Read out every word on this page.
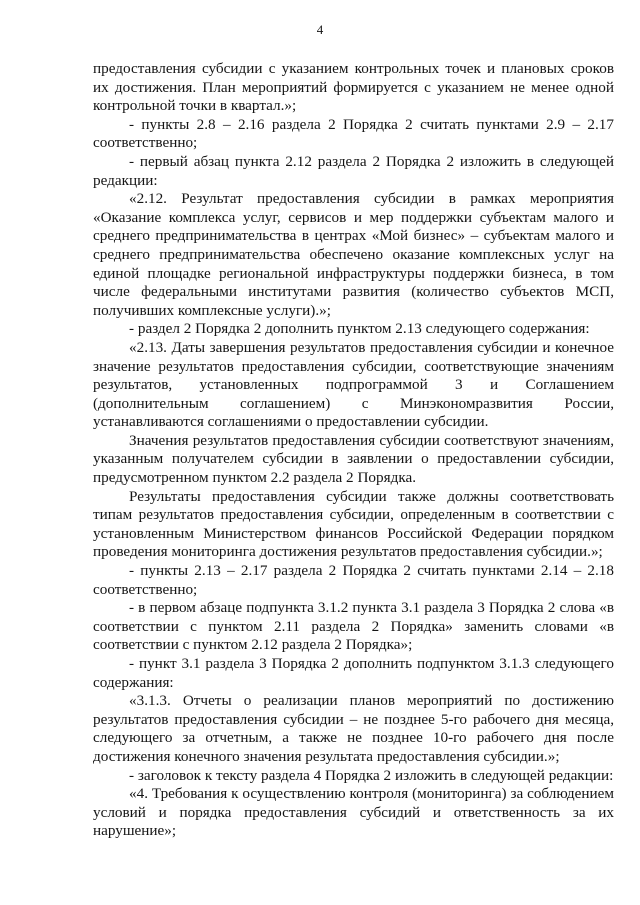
4

предоставления субсидии с указанием контрольных точек и плановых сроков их достижения. План мероприятий формируется с указанием не менее одной контрольной точки в квартал.»;

- пункты 2.8 – 2.16 раздела 2 Порядка 2 считать пунктами 2.9 – 2.17 соответственно;

- первый абзац пункта 2.12 раздела 2 Порядка 2 изложить в следующей редакции:

«2.12. Результат предоставления субсидии в рамках мероприятия «Оказание комплекса услуг, сервисов и мер поддержки субъектам малого и среднего предпринимательства в центрах «Мой бизнес» – субъектам малого и среднего предпринимательства обеспечено оказание комплексных услуг на единой площадке региональной инфраструктуры поддержки бизнеса, в том числе федеральными институтами развития (количество субъектов МСП, получивших комплексные услуги).»;

- раздел 2 Порядка 2 дополнить пунктом 2.13 следующего содержания:

«2.13. Даты завершения результатов предоставления субсидии и конечное значение результатов предоставления субсидии, соответствующие значениям результатов, установленных подпрограммой 3 и Соглашением (дополнительным соглашением) с Минэкономразвития России, устанавливаются соглашениями о предоставлении субсидии.

Значения результатов предоставления субсидии соответствуют значениям, указанным получателем субсидии в заявлении о предоставлении субсидии, предусмотренном пунктом 2.2 раздела 2 Порядка.

Результаты предоставления субсидии также должны соответствовать типам результатов предоставления субсидии, определенным в соответствии с установленным Министерством финансов Российской Федерации порядком проведения мониторинга достижения результатов предоставления субсидии.»;

- пункты 2.13 – 2.17 раздела 2 Порядка 2 считать пунктами 2.14 – 2.18 соответственно;

- в первом абзаце подпункта 3.1.2 пункта 3.1 раздела 3 Порядка 2 слова «в соответствии с пунктом 2.11 раздела 2 Порядка» заменить словами «в соответствии с пунктом 2.12 раздела 2 Порядка»;

- пункт 3.1 раздела 3 Порядка 2 дополнить подпунктом 3.1.3 следующего содержания:

«3.1.3. Отчеты о реализации планов мероприятий по достижению результатов предоставления субсидии – не позднее 5-го рабочего дня месяца, следующего за отчетным, а также не позднее 10-го рабочего дня после достижения конечного значения результата предоставления субсидии.»;

- заголовок к тексту раздела 4 Порядка 2 изложить в следующей редакции:

«4. Требования к осуществлению контроля (мониторинга) за соблюдением условий и порядка предоставления субсидий и ответственность за их нарушение»;
